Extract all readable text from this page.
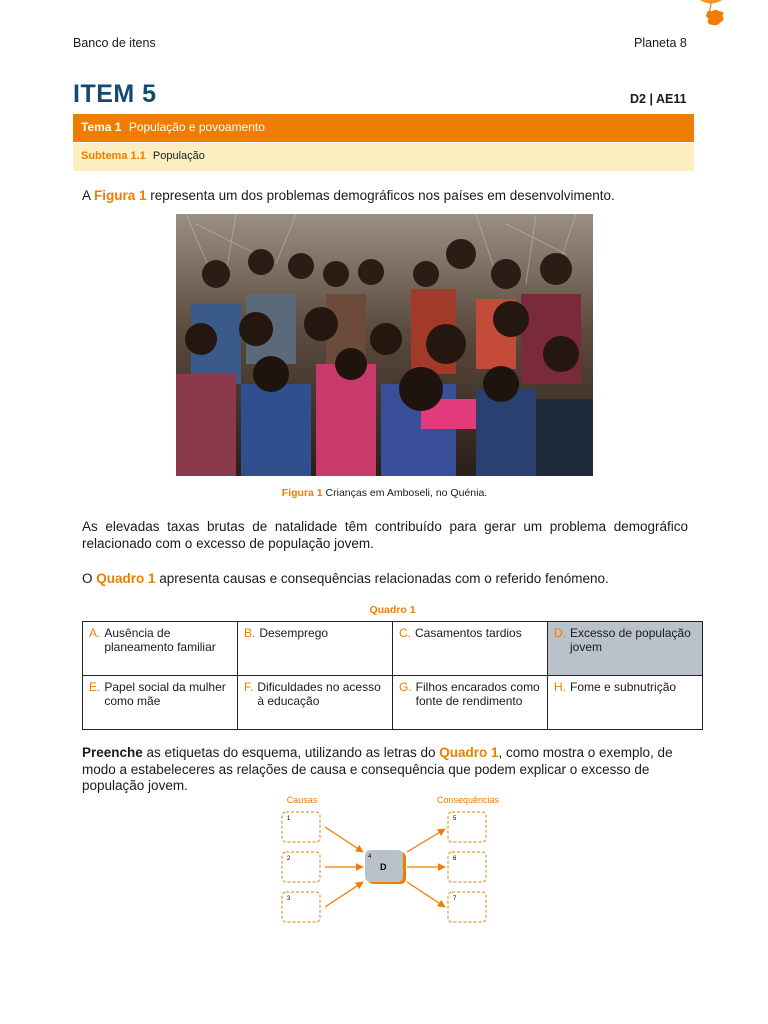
Banco de itens	Planeta 8
ITEM 5	D2 | AE11
Tema 1 População e povoamento
Subtema 1.1 População
A Figura 1 representa um dos problemas demográficos nos países em desenvolvimento.
Figura 1 Crianças em Amboseli, no Quénia.
As elevadas taxas brutas de natalidade têm contribuído para gerar um problema demográfico relacionado com o excesso de população jovem.
O Quadro 1 apresenta causas e consequências relacionadas com o referido fenómeno.
Quadro 1
A. Ausência de planeamento familiar	B. Desemprego	C. Casamentos tardios	D. Excesso de população jovem

E. Papel social da mulher como mãe	F. Dificuldades no acesso à educação	G. Filhos encarados como fonte de rendimento	H. Fome e subnutrição
Preenche as etiquetas do esquema, utilizando as letras do Quadro 1, como mostra o exemplo, de modo a estabeleceres as relações de causa e consequência que podem explicar o excesso de população jovem.
Causas	Consequências
1
2
3
4
D
5
6
7
